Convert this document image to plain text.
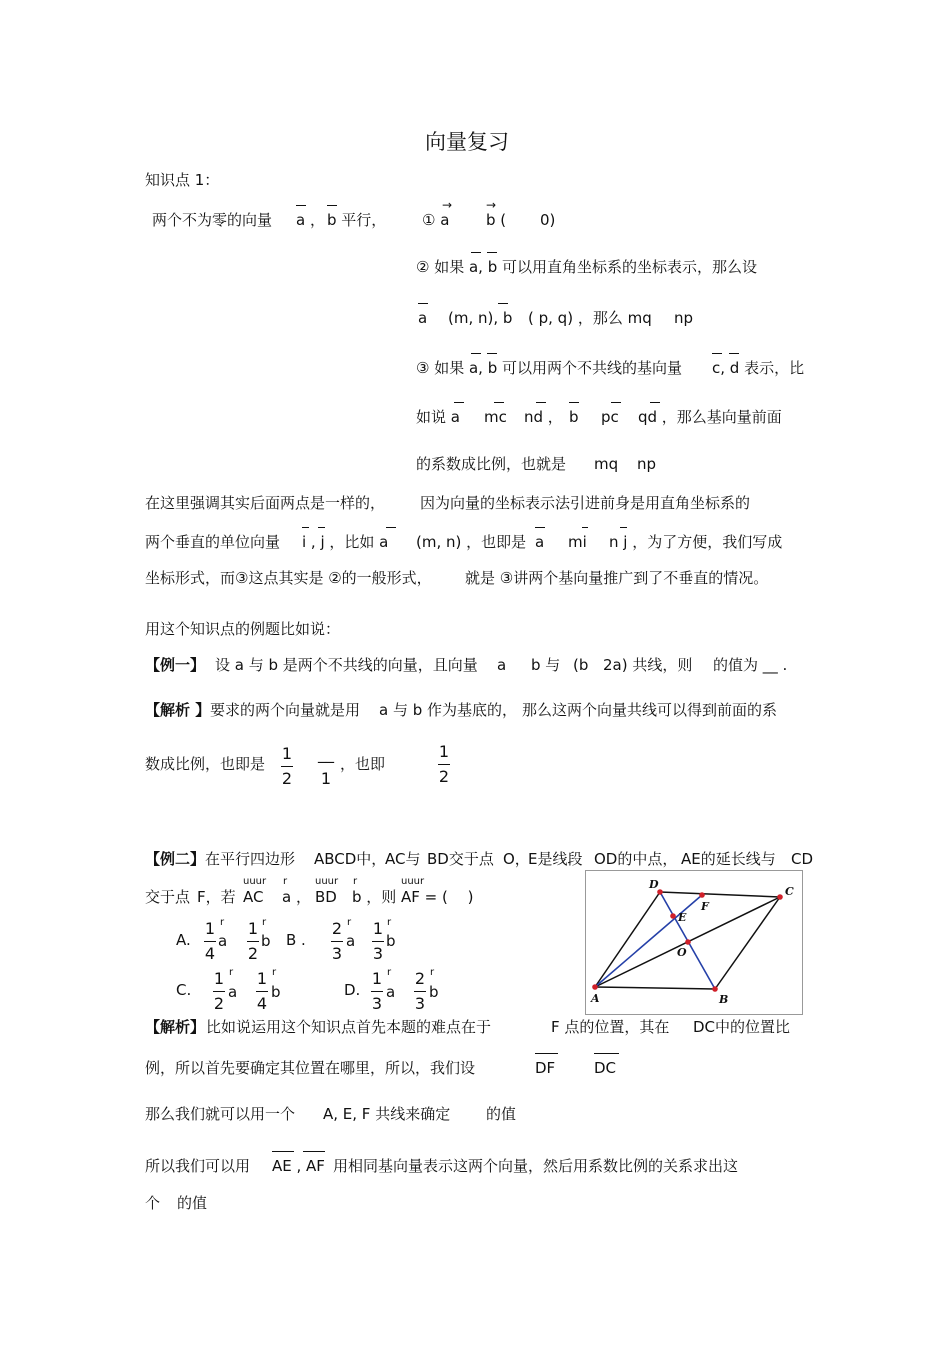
向量复习
知识点 1：
两个不为零的向量 a ， b 平行， ① a
→
b (
→
0)
② 如果 a, b 可以用直角坐标系的坐标表示，那么设
a (m, n), b ( p, q) ，那么 mq np
③ 如果 a, b 可以用两个不共线的基向量 c, d 表示，比
如说 a mc nd ， b pc qd ，那么基向量前面
的系数成比例，也就是 mq np
在这里强调其实后面两点是一样的， 因为向量的坐标表示法引进前身是用直角坐标系的
两个垂直的单位向量 i , j ，比如 a (m, n) ，也即是 a mi n j ，为了方便，我们写成
坐标形式，而③这点其实是 ②的一般形式， 就是 ③讲两个基向量推广到了不垂直的情况。
用这个知识点的例题比如说：
【例一】 设 a 与 b 是两个不共线的向量，且向量 a b 与 (b 2a) 共线，则 的值为 __ .
【解析 】 要求的两个向量就是用 a 与 b 作为基底的， 那么这两个向量共线可以得到前面的系
数成比例，也即是
1
2
__
1
，也即
1
2
【例二】 在平行四边形 ABCD中，
AC与 BD交于点 O，
E是线段 OD的中点， AE的延长线与 CD
交于点 F，若
uuur
AC
r
a ，
uuur
BD
r
b ，则
uuur
AF = (　 )
A.
1
4
r
a
1
2
r
b B .
2
3
r
a
1
3
r
b
C.
1
2
r
a
1
4
r
b	D.
1
3
r
a
2
3
r
b
D
F
C
E
O
A	B
【解析】 比如说运用这个知识点首先本题的难点在于	F 点的位置，其在 DC中的位置比
例，所以首先要确定其位置在哪里，所以，我们设	DF	DC
那么我们就可以用一个 A, E, F 共线来确定 的值
所以我们可以用 AE , AF 用相同基向量表示这两个向量，然后用系数比例的关系求出这
个 的值
